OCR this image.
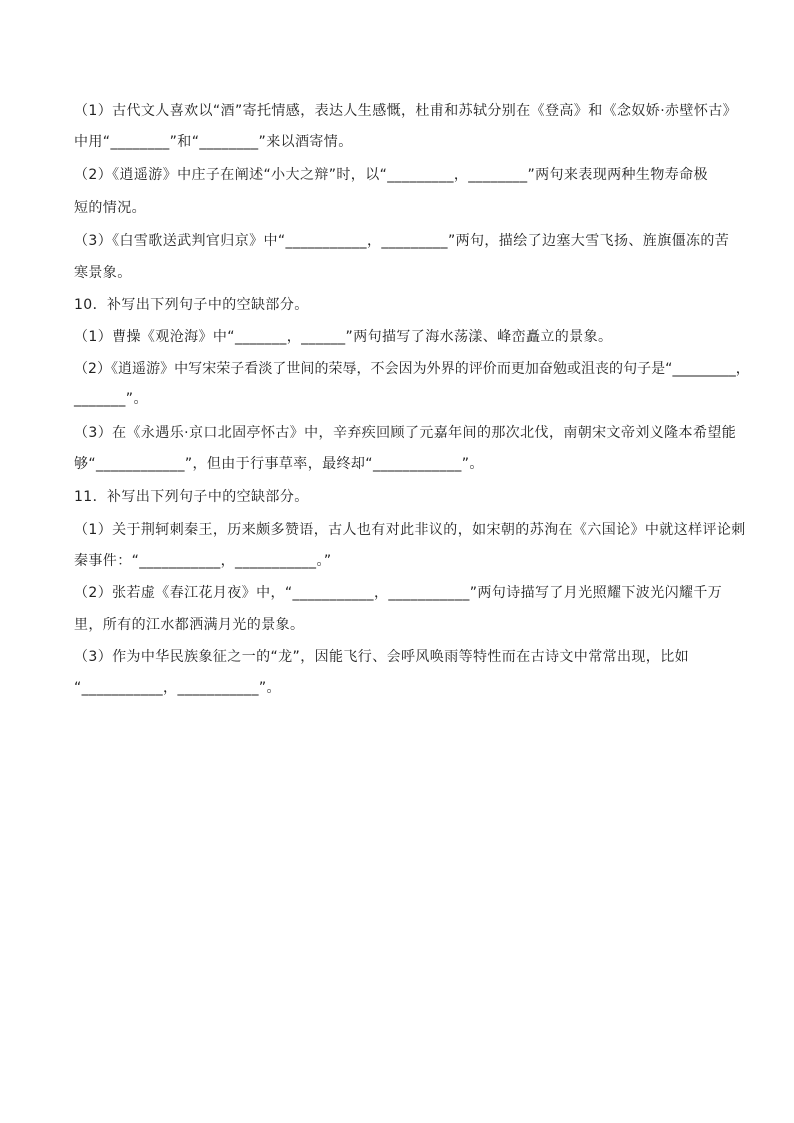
（1）古代文人喜欢以“酒”寄托情感，表达人生感慨，杜甫和苏轼分别在《登高》和《念奴娇·赤壁怀古》
中用“________”和“________”来以酒寄情。
（2）《逍遥游》中庄子在阐述“小大之辩”时，以“_________，________”两句来表现两种生物寿命极
短的情况。
（3）《白雪歌送武判官归京》中“___________，_________”两句，描绘了边塞大雪飞扬、旌旗僵冻的苦
寒景象。
10．补写出下列句子中的空缺部分。
（1）曹操《观沧海》中“_______，______”两句描写了海水荡漾、峰峦矗立的景象。
（2）《逍遥游》中写宋荣子看淡了世间的荣辱，不会因为外界的评价而更加奋勉或沮丧的句子是“_________，
_______”。
（3）在《永遇乐·京口北固亭怀古》中，辛弃疾回顾了元嘉年间的那次北伐，南朝宋文帝刘义隆本希望能
够“____________”，但由于行事草率，最终却“____________”。
11．补写出下列句子中的空缺部分。
（1）关于荆轲刺秦王，历来颇多赞语，古人也有对此非议的，如宋朝的苏洵在《六国论》中就这样评论刺
秦事件：“___________，___________。”
（2）张若虚《春江花月夜》中，“___________，___________”两句诗描写了月光照耀下波光闪耀千万
里，所有的江水都洒满月光的景象。
（3）作为中华民族象征之一的“龙”，因能飞行、会呼风唤雨等特性而在古诗文中常常出现，比如
“___________，___________”。
